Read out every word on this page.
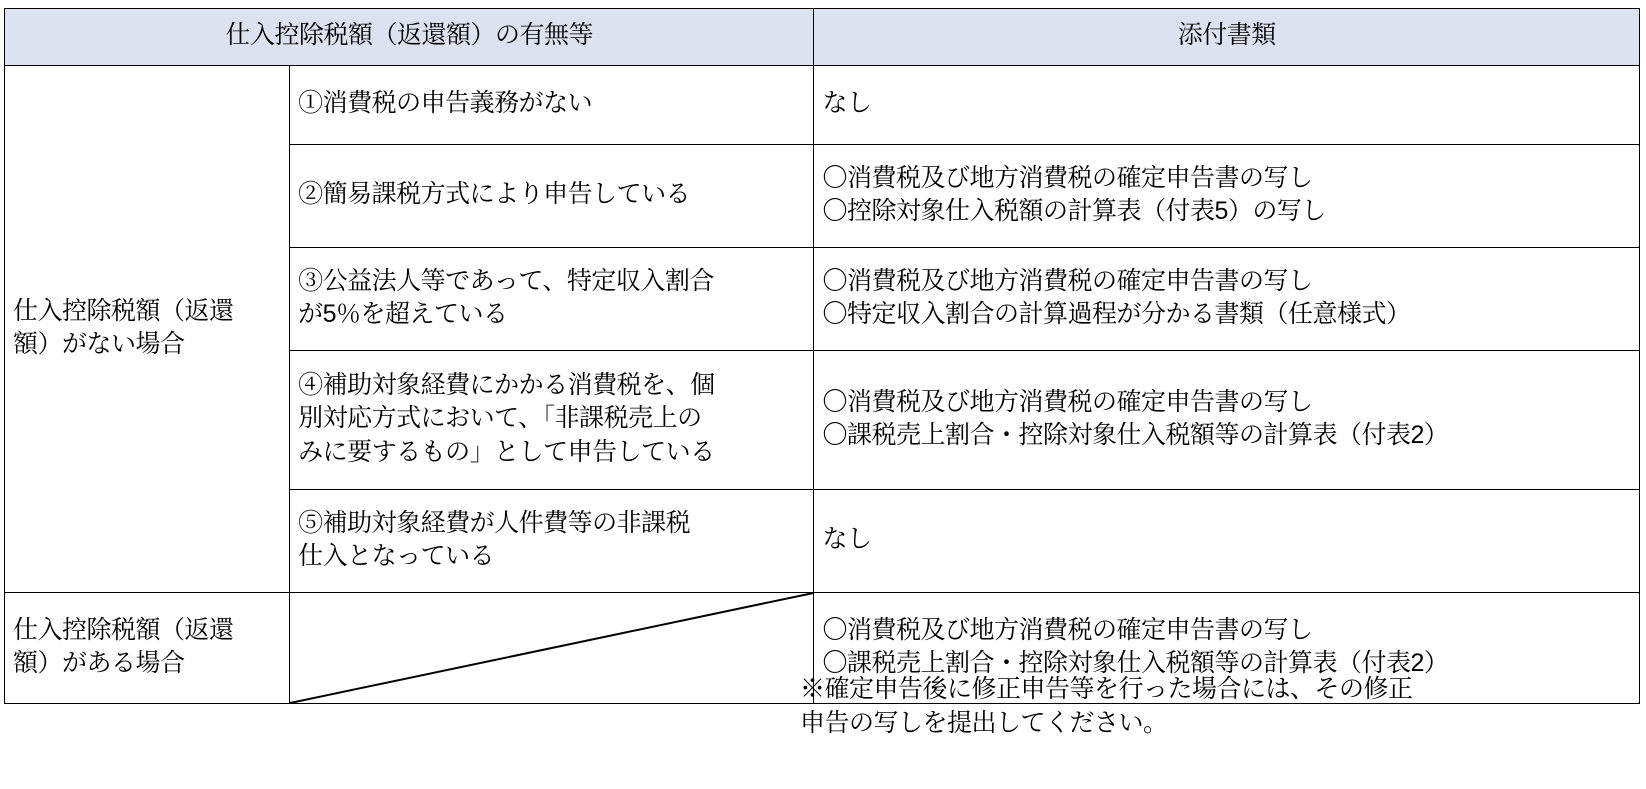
仕入控除税額（返還額）の有無等		添付書類

仕入控除税額（返還
額）がない場合	①消費税の申告義務がない	なし

	②簡易課税方式により申告している	〇消費税及び地方消費税の確定申告書の写し
〇控除対象仕入税額の計算表（付表5）の写し

	③公益法人等であって、特定収入割合
が5％を超えている	〇消費税及び地方消費税の確定申告書の写し
〇特定収入割合の計算過程が分かる書類（任意様式）

	④補助対象経費にかかる消費税を、個
別対応方式において、「非課税売上の
みに要するもの」として申告している	〇消費税及び地方消費税の確定申告書の写し
〇課税売上割合・控除対象仕入税額等の計算表（付表2）

	⑤補助対象経費が人件費等の非課税
仕入となっている	なし

仕入控除税額（返還
額）がある場合		〇消費税及び地方消費税の確定申告書の写し
〇課税売上割合・控除対象仕入税額等の計算表（付表2）
※確定申告後に修正申告等を行った場合には、その修正
申告の写しを提出してください。
